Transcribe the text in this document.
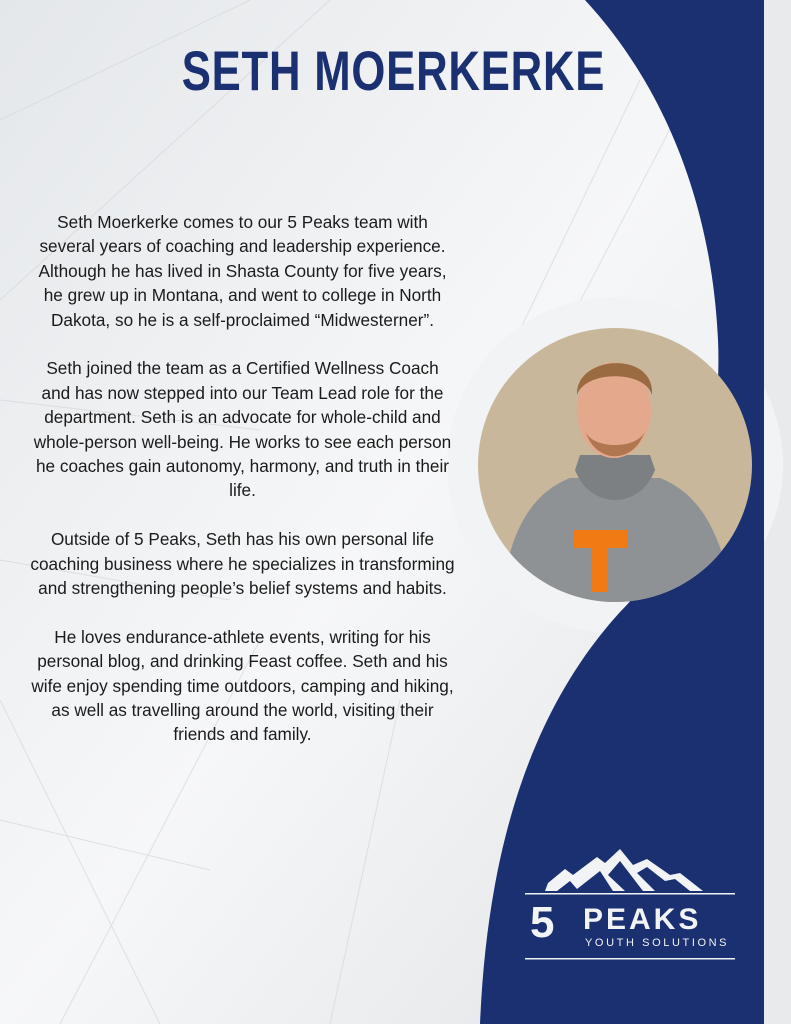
SETH MOERKERKE

Seth Moerkerke comes to our 5 Peaks team with several years of coaching and leadership experience. Although he has lived in Shasta County for five years, he grew up in Montana, and went to college in North Dakota, so he is a self-proclaimed “Midwesterner”.

Seth joined the team as a Certified Wellness Coach and has now stepped into our Team Lead role for the department. Seth is an advocate for whole-child and whole-person well-being. He works to see each person he coaches gain autonomy, harmony, and truth in their life.

Outside of 5 Peaks, Seth has his own personal life coaching business where he specializes in transforming and strengthening people’s belief systems and habits.

He loves endurance-athlete events, writing for his personal blog, and drinking Feast coffee. Seth and his wife enjoy spending time outdoors, camping and hiking, as well as travelling around the world, visiting their friends and family.

5 PEAKS
YOUTH SOLUTIONS
